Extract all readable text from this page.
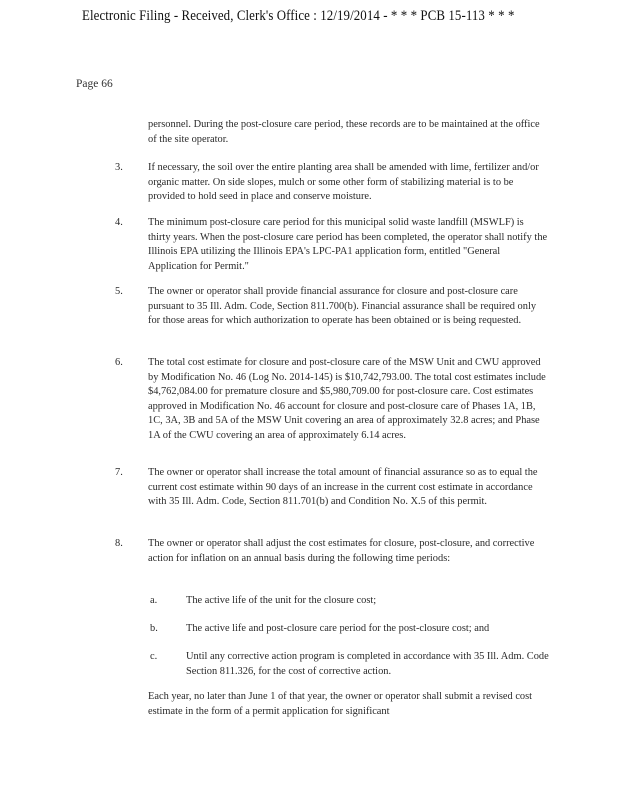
Electronic Filing - Received, Clerk's Office : 12/19/2014 - * * * PCB 15-113 * * *
Page 66
personnel. During the post-closure care period, these records are to be maintained at the office of the site operator.
3. If necessary, the soil over the entire planting area shall be amended with lime, fertilizer and/or organic matter. On side slopes, mulch or some other form of stabilizing material is to be provided to hold seed in place and conserve moisture.
4. The minimum post-closure care period for this municipal solid waste landfill (MSWLF) is thirty years. When the post-closure care period has been completed, the operator shall notify the Illinois EPA utilizing the Illinois EPA's LPC-PA1 application form, entitled "General Application for Permit."
5. The owner or operator shall provide financial assurance for closure and post-closure care pursuant to 35 Ill. Adm. Code, Section 811.700(b). Financial assurance shall be required only for those areas for which authorization to operate has been obtained or is being requested.
6. The total cost estimate for closure and post-closure care of the MSW Unit and CWU approved by Modification No. 46 (Log No. 2014-145) is $10,742,793.00. The total cost estimates include $4,762,084.00 for premature closure and $5,980,709.00 for post-closure care. Cost estimates approved in Modification No. 46 account for closure and post-closure care of Phases 1A, 1B, 1C, 3A, 3B and 5A of the MSW Unit covering an area of approximately 32.8 acres; and Phase 1A of the CWU covering an area of approximately 6.14 acres.
7. The owner or operator shall increase the total amount of financial assurance so as to equal the current cost estimate within 90 days of an increase in the current cost estimate in accordance with 35 Ill. Adm. Code, Section 811.701(b) and Condition No. X.5 of this permit.
8. The owner or operator shall adjust the cost estimates for closure, post-closure, and corrective action for inflation on an annual basis during the following time periods:
a.	The active life of the unit for the closure cost;
b.	The active life and post-closure care period for the post-closure cost; and
c.	Until any corrective action program is completed in accordance with 35 Ill. Adm. Code Section 811.326, for the cost of corrective action.
Each year, no later than June 1 of that year, the owner or operator shall submit a revised cost estimate in the form of a permit application for significant
